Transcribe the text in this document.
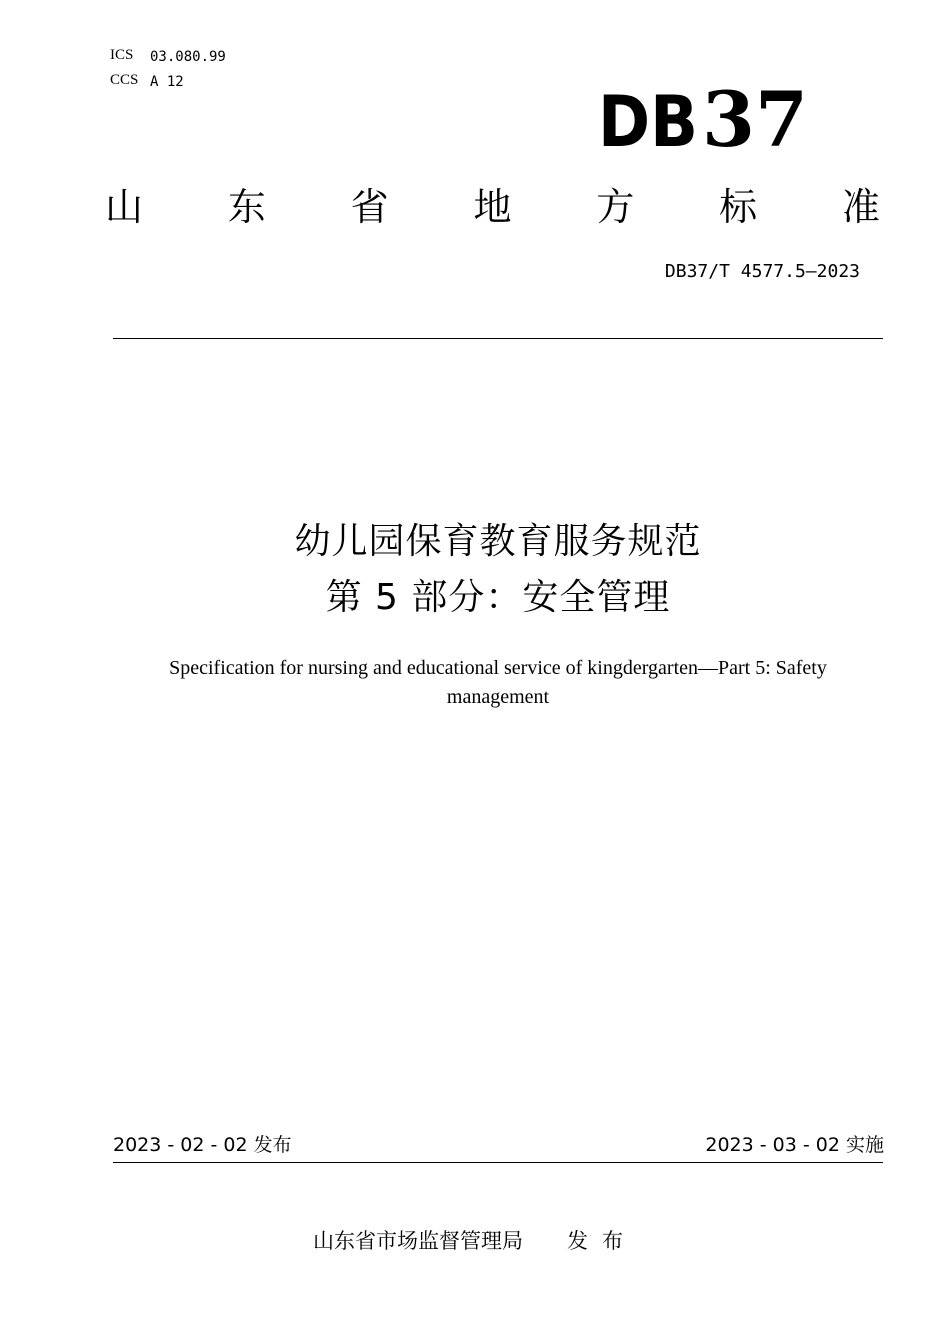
ICS 03.080.99
CCS A 12	DB 37
山 东 省 地 方 标 准
DB37/T 4577.5—2023
幼儿园保育教育服务规范
第 5 部分：安全管理
Specification for nursing and educational service of kingdergarten—Part 5: Safety management
2023 - 02 - 02 发布	2023 - 03 - 02 实施
山东省市场监督管理局 发布
